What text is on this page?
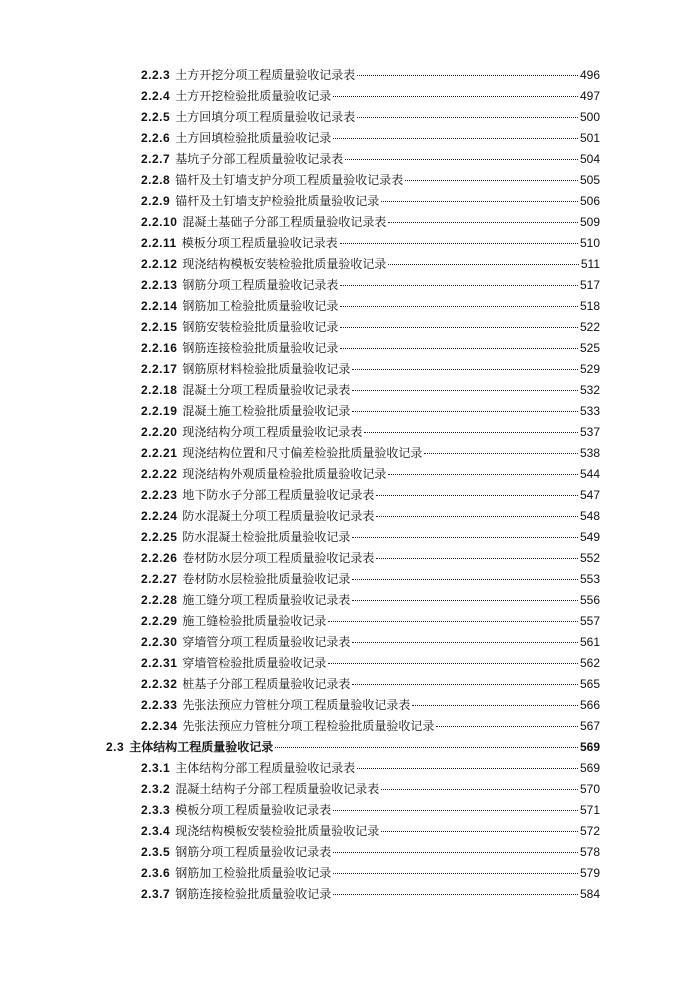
2.2.3 土方开挖分项工程质量验收记录表	496
2.2.4 土方开挖检验批质量验收记录	497
2.2.5 土方回填分项工程质量验收记录表	500
2.2.6 土方回填检验批质量验收记录	501
2.2.7 基坑子分部工程质量验收记录表	504
2.2.8 锚杆及土钉墙支护分项工程质量验收记录表	505
2.2.9 锚杆及土钉墙支护检验批质量验收记录	506
2.2.10 混凝土基础子分部工程质量验收记录表	509
2.2.11 模板分项工程质量验收记录表	510
2.2.12 现浇结构模板安装检验批质量验收记录	511
2.2.13 钢筋分项工程质量验收记录表	517
2.2.14 钢筋加工检验批质量验收记录	518
2.2.15 钢筋安装检验批质量验收记录	522
2.2.16 钢筋连接检验批质量验收记录	525
2.2.17 钢筋原材料检验批质量验收记录	529
2.2.18 混凝土分项工程质量验收记录表	532
2.2.19 混凝土施工检验批质量验收记录	533
2.2.20 现浇结构分项工程质量验收记录表	537
2.2.21 现浇结构位置和尺寸偏差检验批质量验收记录	538
2.2.22 现浇结构外观质量检验批质量验收记录	544
2.2.23 地下防水子分部工程质量验收记录表	547
2.2.24 防水混凝土分项工程质量验收记录表	548
2.2.25 防水混凝土检验批质量验收记录	549
2.2.26 卷材防水层分项工程质量验收记录表	552
2.2.27 卷材防水层检验批质量验收记录	553
2.2.28 施工缝分项工程质量验收记录表	556
2.2.29 施工缝检验批质量验收记录	557
2.2.30 穿墙管分项工程质量验收记录表	561
2.2.31 穿墙管检验批质量验收记录	562
2.2.32 桩基子分部工程质量验收记录表	565
2.2.33 先张法预应力管桩分项工程质量验收记录表	566
2.2.34 先张法预应力管桩分项工程检验批质量验收记录	567
2.3 主体结构工程质量验收记录	569
2.3.1 主体结构分部工程质量验收记录表	569
2.3.2 混凝土结构子分部工程质量验收记录表	570
2.3.3 模板分项工程质量验收记录表	571
2.3.4 现浇结构模板安装检验批质量验收记录	572
2.3.5 钢筋分项工程质量验收记录表	578
2.3.6 钢筋加工检验批质量验收记录	579
2.3.7 钢筋连接检验批质量验收记录	584
